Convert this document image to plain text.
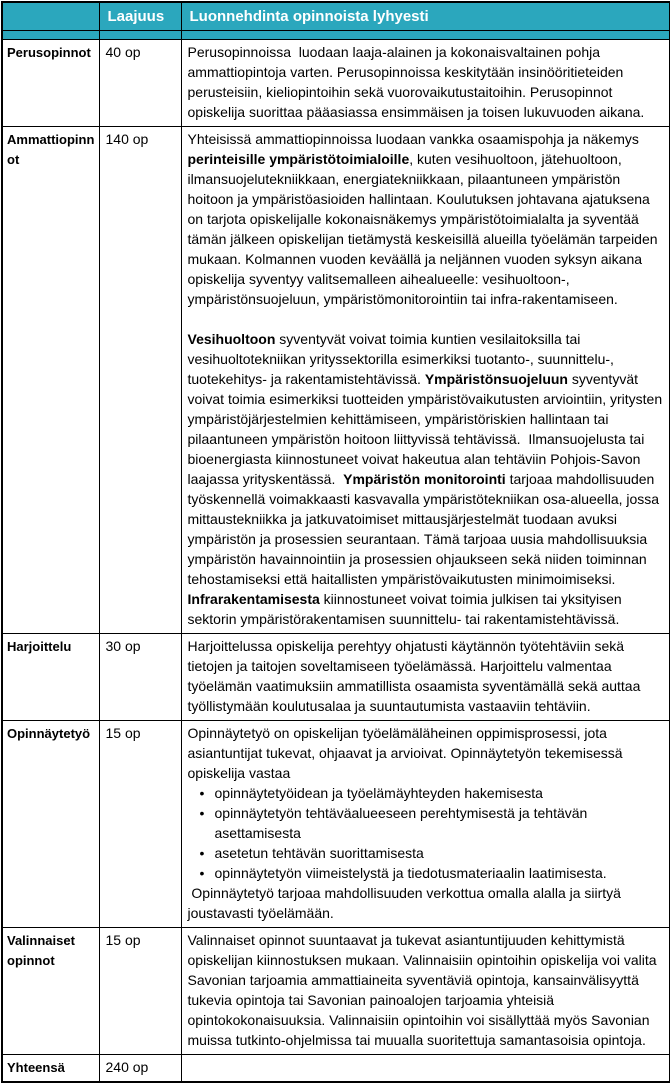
	Laajuus	Luonnehdinta opinnoista lyhyesti

Perusopinnot	40 op	Perusopinnoissa  luodaan laaja-alainen ja kokonaisvaltainen pohja ammattiopintoja varten. Perusopinnoissa keskitytään insinööritieteiden perusteisiin, kieliopintoihin sekä vuorovaikutustaitoihin. Perusopinnot opiskelija suorittaa pääasiassa ensimmäisen ja toisen lukuvuoden aikana.

Ammattiopinnot	140 op	Yhteisissä ammattiopinnoissa luodaan vankka osaamispohja ja näkemys perinteisille ympäristötoimialoille, kuten vesihuoltoon, jätehuoltoon, ilmansuojelutekniikkaan, energiatekniikkaan, pilaantuneen ympäristön hoitoon ja ympäristöasioiden hallintaan. Koulutuksen johtavana ajatuksena on tarjota opiskelijalle kokonaisnäkemys ympäristötoimialalta ja syventää tämän jälkeen opiskelijan tietämystä keskeisillä alueilla työelämän tarpeiden mukaan. Kolmannen vuoden keväällä ja neljännen vuoden syksyn aikana opiskelija syventyy valitsemalleen aihealueelle: vesihuoltoon-, ympäristönsuojeluun, ympäristömonitorointiin tai infra-rakentamiseen.
Vesihuoltoon syventyvät voivat toimia kuntien vesilaitoksilla tai vesihuoltotekniikan yrityssektorilla esimerkiksi tuotanto-, suunnittelu-, tuotekehitys- ja rakentamistehtävissä. Ympäristönsuojeluun syventyvät voivat toimia esimerkiksi tuotteiden ympäristövaikutusten arviointiin, yritysten ympäristöjärjestelmien kehittämiseen, ympäristöriskien hallintaan tai pilaantuneen ympäristön hoitoon liittyvissä tehtävissä.  Ilmansuojelusta tai bioenergiasta kiinnostuneet voivat hakeutua alan tehtäviin Pohjois-Savon laajassa yrityskentässä.  Ympäristön monitorointi tarjoaa mahdollisuuden työskennellä voimakkaasti kasvavalla ympäristötekniikan osa-alueella, jossa mittaustekniikka ja jatkuvatoimiset mittausjärjestelmät tuodaan avuksi ympäristön ja prosessien seurantaan. Tämä tarjoaa uusia mahdollisuuksia ympäristön havainnointiin ja prosessien ohjaukseen sekä niiden toiminnan tehostamiseksi että haitallisten ympäristövaikutusten minimoimiseksi. Infrarakentamisesta kiinnostuneet voivat toimia julkisen tai yksityisen sektorin ympäristörakentamisen suunnittelu- tai rakentamistehtävissä.

Harjoittelu	30 op	Harjoittelussa opiskelija perehtyy ohjatusti käytännön työtehtäviin sekä tietojen ja taitojen soveltamiseen työelämässä. Harjoittelu valmentaa työelämän vaatimuksiin ammatillista osaamista syventämällä sekä auttaa työllistymään koulutusalaa ja suuntautumista vastaaviin tehtäviin.

Opinnäytetyö	15 op	Opinnäytetyö on opiskelijan työelämäläheinen oppimisprosessi, jota asiantuntijat tukevat, ohjaavat ja arvioivat. Opinnäytetyön tekemisessä opiskelija vastaa
• opinnäytetyöidean ja työelämäyhteyden hakemisesta
• opinnäytetyön tehtäväalueeseen perehtymisestä ja tehtävän asettamisesta
• asetetun tehtävän suorittamisesta
• opinnäytetyön viimeistelystä ja tiedotusmateriaalin laatimisesta.
Opinnäytetyö tarjoaa mahdollisuuden verkottua omalla alalla ja siirtyä joustavasti työelämään.

Valinnaiset opinnot	15 op	Valinnaiset opinnot suuntaavat ja tukevat asiantuntijuuden kehittymistä opiskelijan kiinnostuksen mukaan. Valinnaisiin opintoihin opiskelija voi valita Savonian tarjoamia ammattiaineita syventäviä opintoja, kansainvälisyyttä tukevia opintoja tai Savonian painoalojen tarjoamia yhteisiä opintokokonaisuuksia. Valinnaisiin opintoihin voi sisällyttää myös Savonian muissa tutkinto-ohjelmissa tai muualla suoritettuja samantasoisia opintoja.

Yhteensä	240 op	
